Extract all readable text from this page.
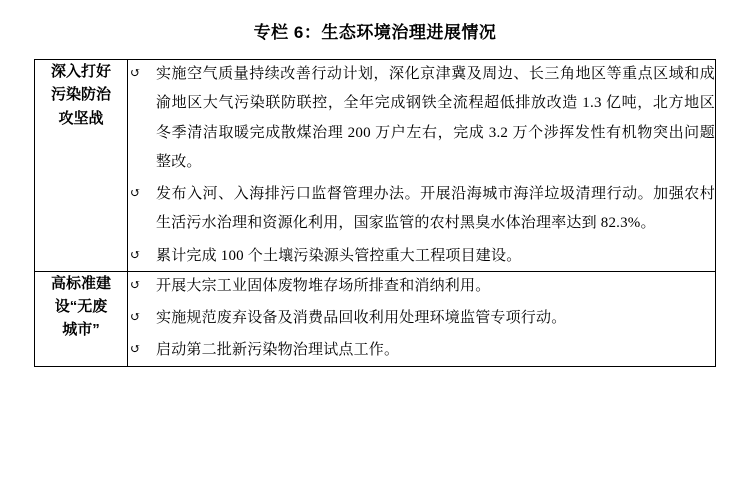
专栏 6：生态环境治理进展情况
深入打好
污染防治
攻坚战

↺	实施空气质量持续改善行动计划，深化京津冀及周边、长三角地区等重点区域和成渝地区大气污染联防联控，全年完成钢铁全流程超低排放改造 1.3 亿吨，北方地区冬季清洁取暖完成散煤治理 200 万户左右，完成 3.2 万个涉挥发性有机物突出问题整改。
↺	发布入河、入海排污口监督管理办法。开展沿海城市海洋垃圾清理行动。加强农村生活污水治理和资源化利用，国家监管的农村黑臭水体治理率达到 82.3%。
↺	累计完成 100 个土壤污染源头管控重大工程项目建设。

高标准建
设“无废
城市”

↺	开展大宗工业固体废物堆存场所排查和消纳利用。
↺	实施规范废弃设备及消费品回收利用处理环境监管专项行动。
↺	启动第二批新污染物治理试点工作。
